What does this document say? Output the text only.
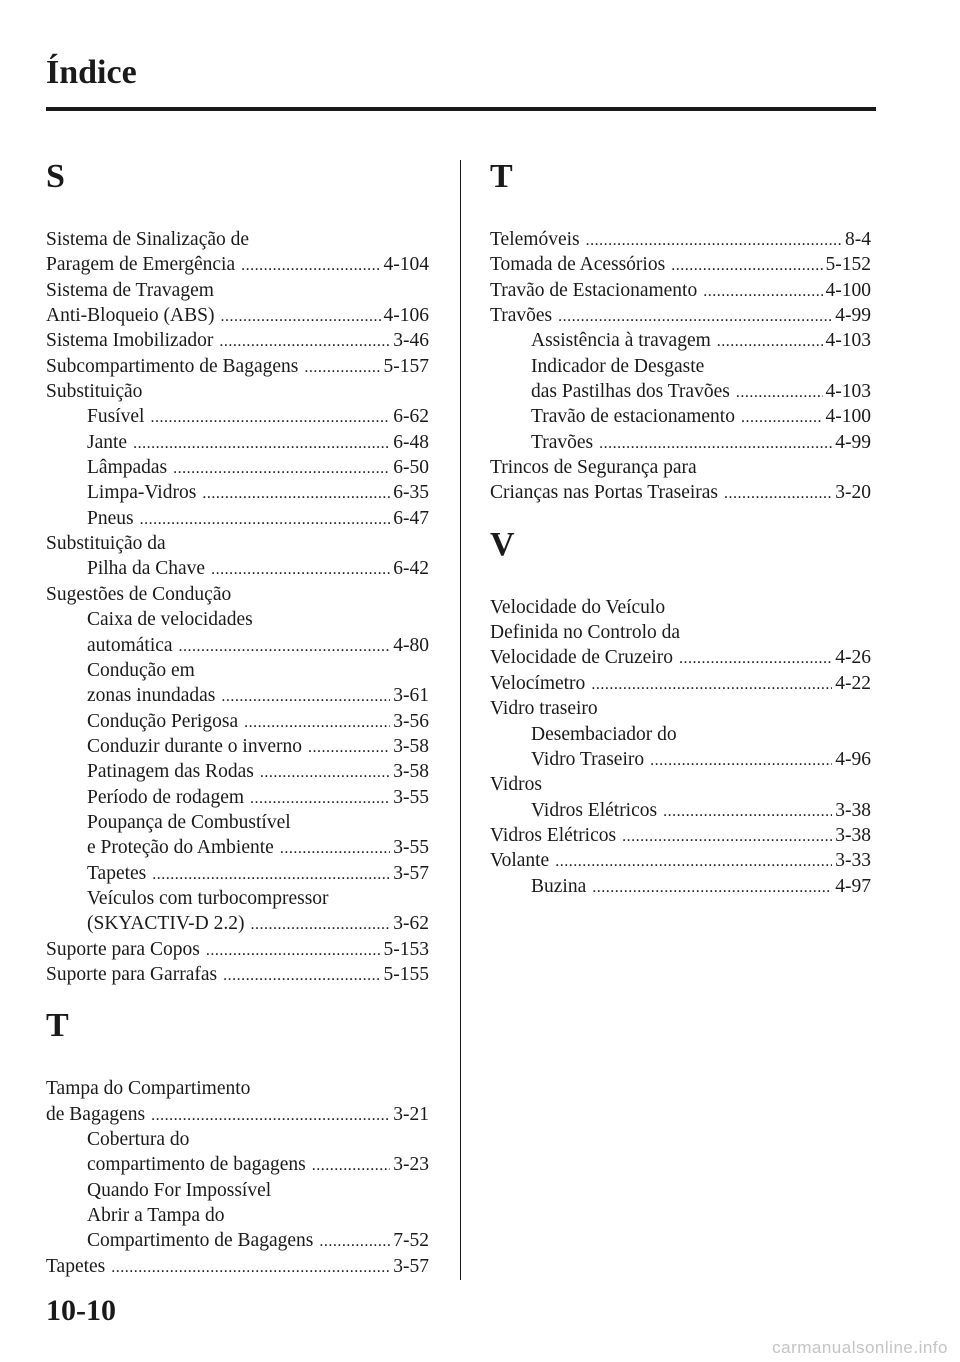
Índice
S
Sistema de Sinalização de
Paragem de Emergência .....	4-104
Sistema de Travagem
Anti-Bloqueio (ABS) .....	4-106
Sistema Imobilizador .....	3-46
Subcompartimento de Bagagens .....	5-157
Substituição
Fusível .....	6-62
Jante .....	6-48
Lâmpadas .....	6-50
Limpa-Vidros .....	6-35
Pneus .....	6-47
Substituição da
Pilha da Chave .....	6-42
Sugestões de Condução
Caixa de velocidades
automática .....	4-80
Condução em
zonas inundadas .....	3-61
Condução Perigosa .....	3-56
Conduzir durante o inverno .....	3-58
Patinagem das Rodas .....	3-58
Período de rodagem .....	3-55
Poupança de Combustível
e Proteção do Ambiente .....	3-55
Tapetes .....	3-57
Veículos com turbocompressor
(SKYACTIV-D 2.2) .....	3-62
Suporte para Copos .....	5-153
Suporte para Garrafas .....	5-155
T
Tampa do Compartimento
de Bagagens .....	3-21
Cobertura do
compartimento de bagagens .....	3-23
Quando For Impossível
Abrir a Tampa do
Compartimento de Bagagens .....	7-52
Tapetes .....	3-57
T
Telemóveis .....	8-4
Tomada de Acessórios .....	5-152
Travão de Estacionamento .....	4-100
Travões .....	4-99
Assistência à travagem .....	4-103
Indicador de Desgaste
das Pastilhas dos Travões .....	4-103
Travão de estacionamento .....	4-100
Travões .....	4-99
Trincos de Segurança para
Crianças nas Portas Traseiras .....	3-20
V
Velocidade do Veículo
Definida no Controlo da
Velocidade de Cruzeiro .....	4-26
Velocímetro .....	4-22
Vidro traseiro
Desembaciador do
Vidro Traseiro .....	4-96
Vidros
Vidros Elétricos .....	3-38
Vidros Elétricos .....	3-38
Volante .....	3-33
Buzina .....	4-97
10-10
carmanualsonline.info
